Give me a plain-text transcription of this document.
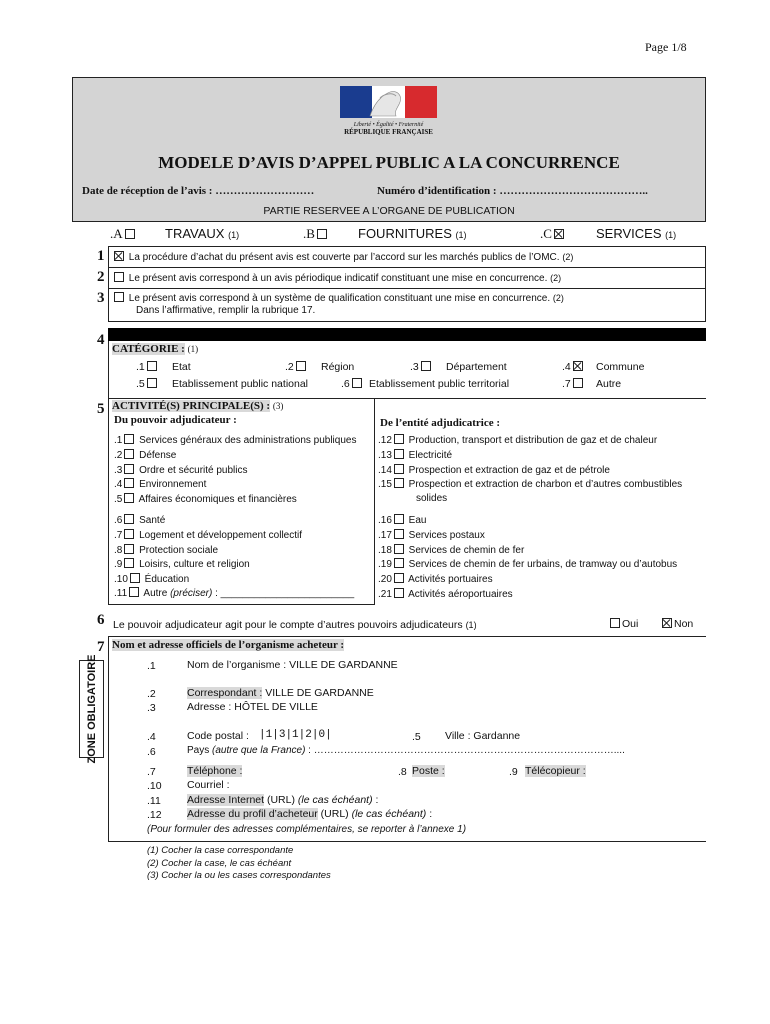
Page 1/8
Liberté • Égalité • Fraternité
RÉPUBLIQUE FRANÇAISE
MODELE D’AVIS D’APPEL PUBLIC A LA CONCURRENCE
Date de réception de l’avis : ………………………	Numéro d’identification : …………………………………..
PARTIE RESERVEE A L’ORGANE DE PUBLICATION
.A	TRAVAUX (1)	.B	FOURNITURES (1)	.C	SERVICES (1)
1	La procédure d’achat du présent avis est couverte par l’accord sur les marchés publics de l’OMC. (2)
2	Le présent avis correspond à un avis périodique indicatif constituant une mise en concurrence. (2)
3	Le présent avis correspond à un système de qualification constituant une mise en concurrence. (2)
Dans l’affirmative, remplir la rubrique 17.
4
CATÉGORIE : (1)
.1	Etat	.2	Région	.3	Département	.4	Commune
.5	Etablissement public national	.6	Etablissement public territorial	.7	Autre
5 ACTIVITÉ(S) PRINCIPALE(S) : (3)
Du pouvoir adjudicateur :	De l’entité adjudicatrice :
.1 Services généraux des administrations publiques
.2 Défense
.3 Ordre et sécurité publics
.4 Environnement
.5 Affaires économiques et financières
.6 Santé
.7 Logement et développement collectif
.8 Protection sociale
.9 Loisirs, culture et religion
.10 Éducation
.11 Autre (préciser) : ________________________
.12 Production, transport et distribution de gaz et de chaleur
.13 Electricité
.14 Prospection et extraction de gaz et de pétrole
.15 Prospection et extraction de charbon et d’autres combustibles
solides
.16 Eau
.17 Services postaux
.18 Services de chemin de fer
.19 Services de chemin de fer urbains, de tramway ou d’autobus
.20 Activités portuaires
.21 Activités aéroportuaires
6 Le pouvoir adjudicateur agit pour le compte d’autres pouvoirs adjudicateurs (1)	Oui	Non
7
ZONE OBLIGATOIRE
Nom et adresse officiels de l’organisme acheteur :
.1	Nom de l’organisme : VILLE DE GARDANNE
.2	Correspondant : VILLE DE GARDANNE
.3	Adresse : HÔTEL DE VILLE
.4	Code postal : |1|3|1|2|0|	.5 Ville : Gardanne
.6	Pays (autre que la France) : ………………………………………………………………………………....
.7	Téléphone :	.8 Poste :	.9 Télécopieur :
.10 Courriel :
.11 Adresse Internet (URL) (le cas échéant) :
.12 Adresse du profil d’acheteur (URL) (le cas échéant) :
(Pour formuler des adresses complémentaires, se reporter à l’annexe 1)
(1) Cocher la case correspondante
(2) Cocher la case, le cas échéant
(3) Cocher la ou les cases correspondantes
